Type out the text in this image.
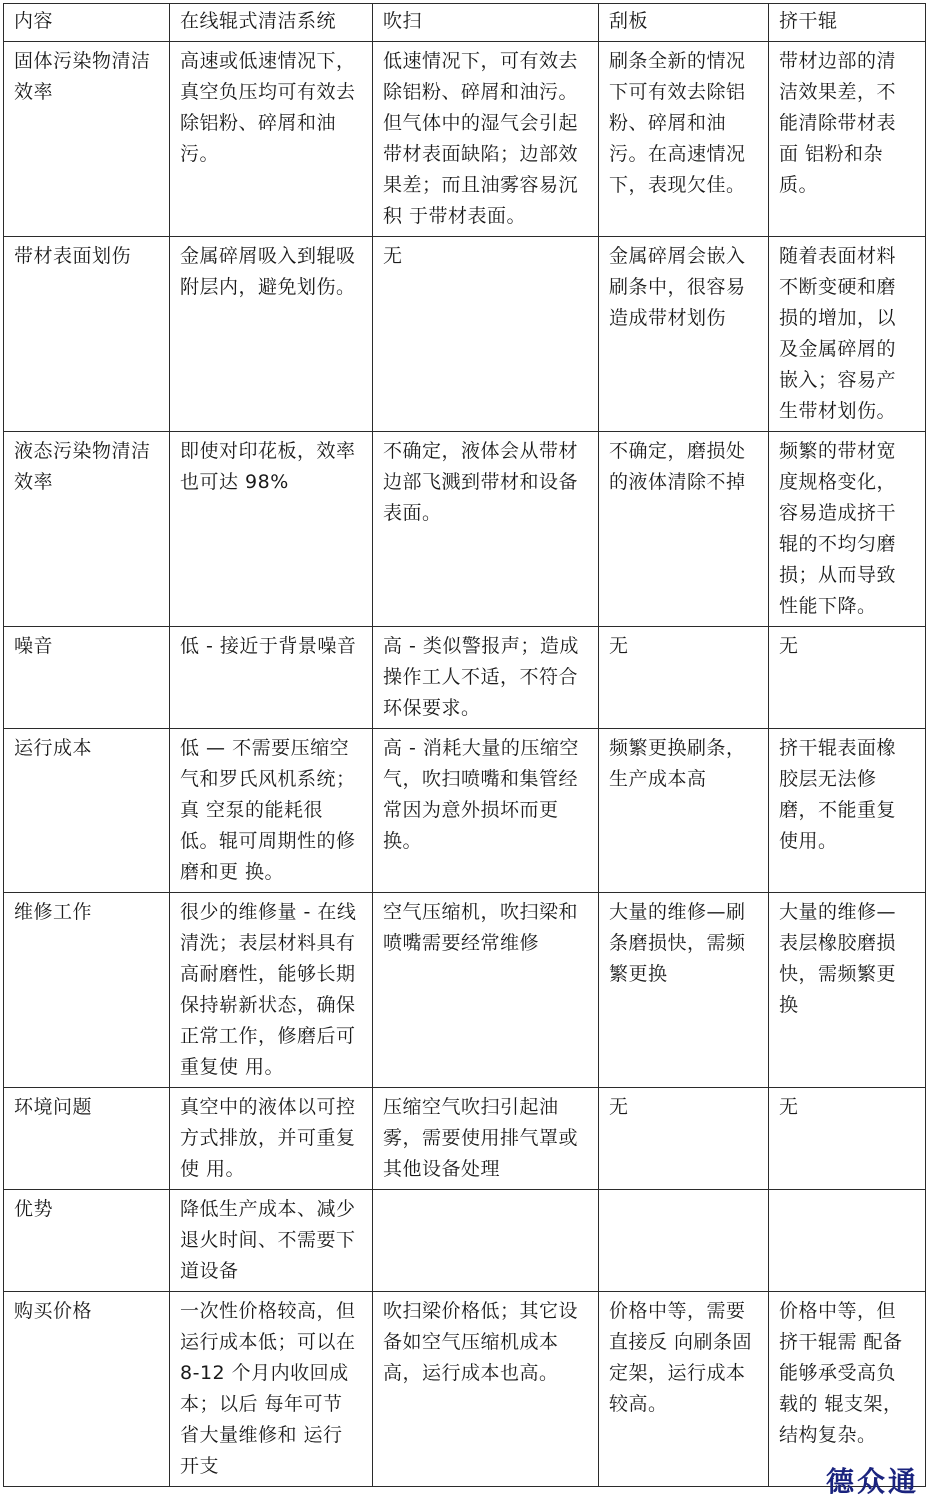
内容	在线辊式清洁系统	吹扫	刮板	挤干辊
固体污染物清洁效率	高速或低速情况下，真空负压均可有效去除铝粉、碎屑和油污。	低速情况下，可有效去除铝粉、碎屑和油污。但气体中的湿气会引起带材表面缺陷；边部效果差；而且油雾容易沉积 于带材表面。	刷条全新的情况下可有效去除铝粉、碎屑和油污。在高速情况下，表现欠佳。	带材边部的清洁效果差，不能清除带材表面 铝粉和杂质。
带材表面划伤	金属碎屑吸入到辊吸附层内，避免划伤。	无	金属碎屑会嵌入刷条中，很容易造成带材划伤	随着表面材料不断变硬和磨损的增加，以及金属碎屑的嵌入；容易产生带材划伤。
液态污染物清洁效率	即使对印花板，效率也可达 98%	不确定，液体会从带材边部飞溅到带材和设备表面。	不确定，磨损处的液体清除不掉	频繁的带材宽度规格变化，容易造成挤干辊的不均匀磨损；从而导致性能下降。
噪音	低 - 接近于背景噪音	高 - 类似警报声；造成操作工人不适，不符合环保要求。	无	无
运行成本	低 — 不需要压缩空气和罗氏风机系统；真 空泵的能耗很低。辊可周期性的修磨和更 换。	高 - 消耗大量的压缩空气，吹扫喷嘴和集管经常因为意外损坏而更换。	频繁更换刷条，生产成本高	挤干辊表面橡胶层无法修磨，不能重复使用。
维修工作	很少的维修量 - 在线清洗；表层材料具有高耐磨性，能够长期保持崭新状态，确保正常工作，修磨后可重复使 用。	空气压缩机，吹扫梁和喷嘴需要经常维修	大量的维修—刷条磨损快，需频繁更换	大量的维修—表层橡胶磨损快，需频繁更换
环境问题	真空中的液体以可控方式排放，并可重复使 用。	压缩空气吹扫引起油雾，需要使用排气罩或其他设备处理	无	无
优势	降低生产成本、减少退火时间、不需要下道设备			
购买价格	一次性价格较高，但运行成本低；可以在 8-12 个月内收回成本；以后 每年可节省大量维修和 运行开支	吹扫梁价格低；其它设备如空气压缩机成本高，运行成本也高。	价格中等，需要直接反 向刷条固定架，运行成本较高。	价格中等，但挤干辊需 配备能够承受高负载的 辊支架，结构复杂。
德众通
